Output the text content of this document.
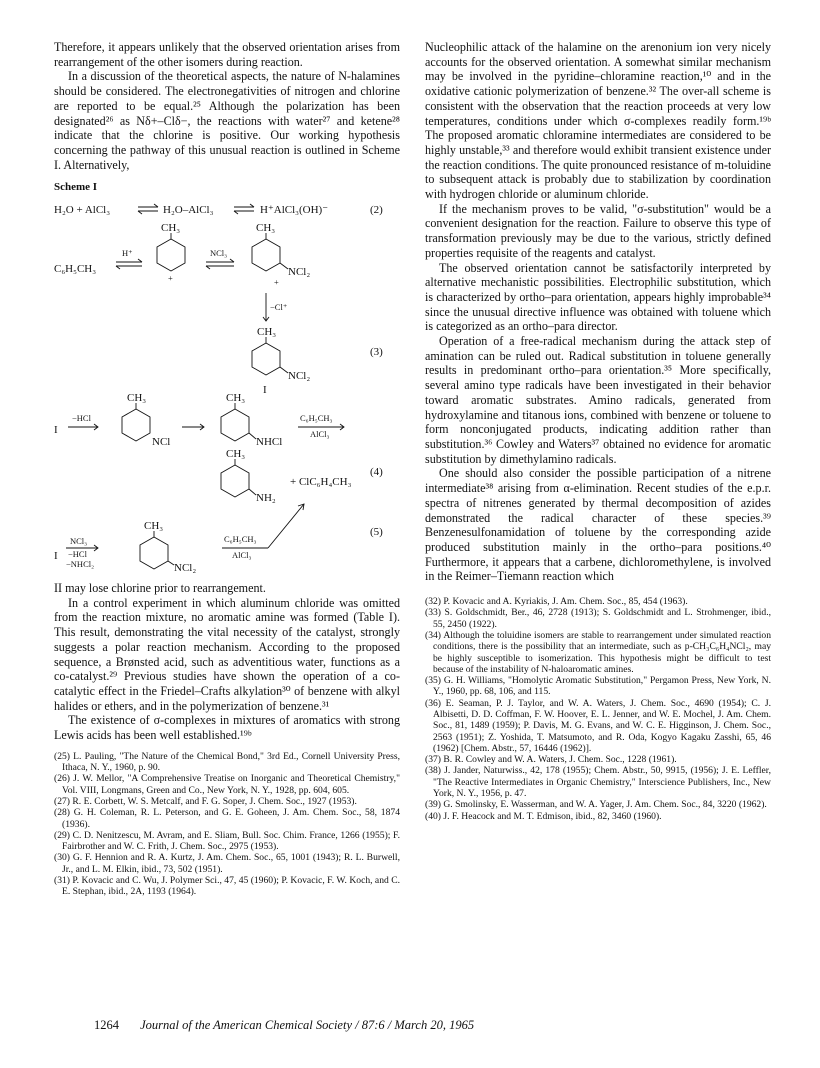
Therefore, it appears unlikely that the observed orientation arises from rearrangement of the other isomers during reaction.

In a discussion of the theoretical aspects, the nature of N-halamines should be considered. The electronegativities of nitrogen and chlorine are reported to be equal.²⁵ Although the polarization has been designated²⁶ as Nδ+–Clδ−, the reactions with water²⁷ and ketene²⁸ indicate that the chlorine is positive. Our working hypothesis concerning the pathway of this unusual reaction is outlined in Scheme I. Alternatively,

Scheme I
H₂O + AlCl₃	H₂O–AlCl₃	H⁺AlCl₃(OH)⁻	(2)
C₆H₅CH₃
H⁺
CH₃
+
NCl₃
CH₃
NCl₂
+
−Cl⁺
CH₃
NCl₂
I
(3)
I
−HCl
CH₃
NCl
CH₃
NHCl
C₆H₅CH₃
AlCl₃
CH₃
NH₂
+ ClC₆H₄CH₃
(4)
CH₃
I
NCl₃
−HCl
−NHCl₂	NCl₂
C₆H₅CH₃
AlCl₃
(5)

II may lose chlorine prior to rearrangement.

In a control experiment in which aluminum chloride was omitted from the reaction mixture, no aromatic amine was formed (Table I). This result, demonstrating the vital necessity of the catalyst, strongly suggests a polar reaction mechanism. According to the proposed sequence, a Brønsted acid, such as adventitious water, functions as a co-catalyst.²⁹ Previous studies have shown the operation of a co-catalytic effect in the Friedel–Crafts alkylation³⁰ of benzene with alkyl halides or ethers, and in the polymerization of benzene.³¹

The existence of σ-complexes in mixtures of aromatics with strong Lewis acids has been well established.¹⁹ᵇ

(25) L. Pauling, "The Nature of the Chemical Bond," 3rd Ed., Cornell University Press, Ithaca, N. Y., 1960, p. 90.

(26) J. W. Mellor, "A Comprehensive Treatise on Inorganic and Theoretical Chemistry," Vol. VIII, Longmans, Green and Co., New York, N. Y., 1928, pp. 604, 605.

(27) R. E. Corbett, W. S. Metcalf, and F. G. Soper, J. Chem. Soc., 1927 (1953).

(28) G. H. Coleman, R. L. Peterson, and G. E. Goheen, J. Am. Chem. Soc., 58, 1874 (1936).

(29) C. D. Nenitzescu, M. Avram, and E. Sliam, Bull. Soc. Chim. France, 1266 (1955); F. Fairbrother and W. C. Frith, J. Chem. Soc., 2975 (1953).

(30) G. F. Hennion and R. A. Kurtz, J. Am. Chem. Soc., 65, 1001 (1943); R. L. Burwell, Jr., and L. M. Elkin, ibid., 73, 502 (1951).

(31) P. Kovacic and C. Wu, J. Polymer Sci., 47, 45 (1960); P. Kovacic, F. W. Koch, and C. E. Stephan, ibid., 2A, 1193 (1964).

Nucleophilic attack of the halamine on the arenonium ion very nicely accounts for the observed orientation. A somewhat similar mechanism may be involved in the pyridine–chloramine reaction,¹⁰ and in the oxidative cationic polymerization of benzene.³² The over-all scheme is consistent with the observation that the reaction proceeds at very low temperatures, conditions under which σ-complexes readily form.¹⁹ᵇ The proposed aromatic chloramine intermediates are considered to be highly unstable,³³ and therefore would exhibit transient existence under the reaction conditions. The quite pronounced resistance of m-toluidine to subsequent attack is probably due to stabilization by coordination with hydrogen chloride or aluminum chloride.

If the mechanism proves to be valid, "σ-substitution" would be a convenient designation for the reaction. Failure to observe this type of transformation previously may be due to the various, strictly defined properties requisite of the reagents and catalyst.

The observed orientation cannot be satisfactorily interpreted by alternative mechanistic possibilities. Electrophilic substitution, which is characterized by ortho–para orientation, appears highly improbable³⁴ since the unusual directive influence was obtained with toluene which is categorized as an ortho–para director.

Operation of a free-radical mechanism during the attack step of amination can be ruled out. Radical substitution in toluene generally results in predominant ortho–para orientation.³⁵ More specifically, several amino type radicals have been investigated in their behavior toward aromatic substrates. Amino radicals, generated from hydroxylamine and titanous ions, combined with benzene or toluene to form nonconjugated products, indicating addition rather than substitution.³⁶ Cowley and Waters³⁷ obtained no evidence for aromatic substitution by dimethylamino radicals.

One should also consider the possible participation of a nitrene intermediate³⁸ arising from α-elimination. Recent studies of the e.p.r. spectra of nitrenes generated by thermal decomposition of azides demonstrated the radical character of these species.³⁹ Benzenesulfonamidation of toluene by the corresponding azide produced substitution mainly in the ortho–para positions.⁴⁰ Furthermore, it appears that a carbene, dichloromethylene, is involved in the Reimer–Tiemann reaction which

(32) P. Kovacic and A. Kyriakis, J. Am. Chem. Soc., 85, 454 (1963).

(33) S. Goldschmidt, Ber., 46, 2728 (1913); S. Goldschmidt and L. Strohmenger, ibid., 55, 2450 (1922).

(34) Although the toluidine isomers are stable to rearrangement under simulated reaction conditions, there is the possibility that an intermediate, such as p-CH₃C₆H₄NCl₂, may be highly susceptible to isomerization. This hypothesis might be difficult to test because of the instability of N-haloaromatic amines.

(35) G. H. Williams, "Homolytic Aromatic Substitution," Pergamon Press, New York, N. Y., 1960, pp. 68, 106, and 115.

(36) E. Seaman, P. J. Taylor, and W. A. Waters, J. Chem. Soc., 4690 (1954); C. J. Albisetti, D. D. Coffman, F. W. Hoover, E. L. Jenner, and W. E. Mochel, J. Am. Chem. Soc., 81, 1489 (1959); P. Davis, M. G. Evans, and W. C. E. Higginson, J. Chem. Soc., 2563 (1951); Z. Yoshida, T. Matsumoto, and R. Oda, Kogyo Kagaku Zasshi, 65, 46 (1962) [Chem. Abstr., 57, 16446 (1962)].

(37) B. R. Cowley and W. A. Waters, J. Chem. Soc., 1228 (1961).

(38) J. Jander, Naturwiss., 42, 178 (1955); Chem. Abstr., 50, 9915, (1956); J. E. Leffler, "The Reactive Intermediates in Organic Chemistry," Interscience Publishers, Inc., New York, N. Y., 1956, p. 47.

(39) G. Smolinsky, E. Wasserman, and W. A. Yager, J. Am. Chem. Soc., 84, 3220 (1962).

(40) J. F. Heacock and M. T. Edmison, ibid., 82, 3460 (1960).

1264 Journal of the American Chemical Society / 87:6 / March 20, 1965
